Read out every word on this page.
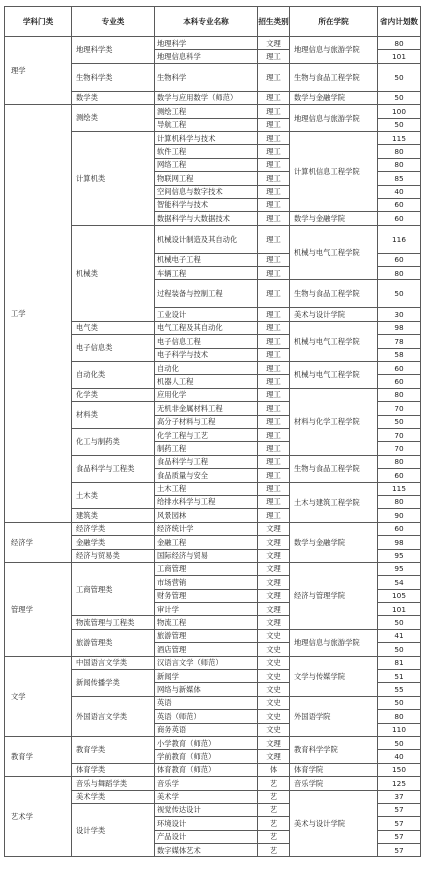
学科门类	专业类	本科专业名称	招生类别	所在学院	省内计划数
理学	地理科学类	地理科学	文理	地理信息与旅游学院	80
		地理信息科学	理工		101
	生物科学类	生物科学	理工	生物与食品工程学院	50
	数学类	数学与应用数学（师范）	理工	数学与金融学院	50
工学	测绘类	测绘工程	理工	地理信息与旅游学院	100
		导航工程	理工		50
	计算机类	计算机科学与技术	理工	计算机信息工程学院	115
		软件工程	理工		80
		网络工程	理工		80
		物联网工程	理工		85
		空间信息与数字技术	理工		40
		智能科学与技术	理工		60
		数据科学与大数据技术	理工	数学与金融学院	60
	机械类	机械设计制造及其自动化	理工	机械与电气工程学院	116
		机械电子工程	理工		60
		车辆工程	理工		80
		过程装备与控制工程	理工	生物与食品工程学院	50
		工业设计	理工	美术与设计学院	30
	电气类	电气工程及其自动化	理工	机械与电气工程学院	98
	电子信息类	电子信息工程	理工		78
		电子科学与技术	理工		58
	自动化类	自动化	理工	机械与电气工程学院	60
		机器人工程	理工		60
	化学类	应用化学	理工	材料与化学工程学院	80
	材料类	无机非金属材料工程	理工		70
		高分子材料与工程	理工		50
	化工与制药类	化学工程与工艺	理工		70
		制药工程	理工		70
	食品科学与工程类	食品科学与工程	理工	生物与食品工程学院	80
		食品质量与安全	理工		60
	土木类	土木工程	理工	土木与建筑工程学院	115
		给排水科学与工程	理工		80
	建筑类	风景园林	理工		90
经济学	经济学类	经济统计学	文理	数学与金融学院	60
	金融学类	金融工程	文理		98
	经济与贸易类	国际经济与贸易	文理		95
管理学	工商管理类	工商管理	文理	经济与管理学院	95
		市场营销	文理		54
		财务管理	文理		105
		审计学	文理		101
	物流管理与工程类	物流工程	文理		50
	旅游管理类	旅游管理	文史	地理信息与旅游学院	41
		酒店管理	文史		50
文学	中国语言文学类	汉语言文学（师范）	文史	文学与传媒学院	81
	新闻传播学类	新闻学	文史		51
		网络与新媒体	文史		55
	外国语言文学类	英语	文史	外国语学院	50
		英语（师范）	文史		80
		商务英语	文史		110
教育学	教育学类	小学教育（师范）	文理	教育科学学院	50
		学前教育（师范）	文理		40
	体育学类	体育教育（师范）	体	体育学院	150
艺术学	音乐与舞蹈学类	音乐学	艺	音乐学院	125
	美术学类	美术学	艺	美术与设计学院	37
	设计学类	视觉传达设计	艺		57
		环境设计	艺		57
		产品设计	艺		57
		数字媒体艺术	艺		57
